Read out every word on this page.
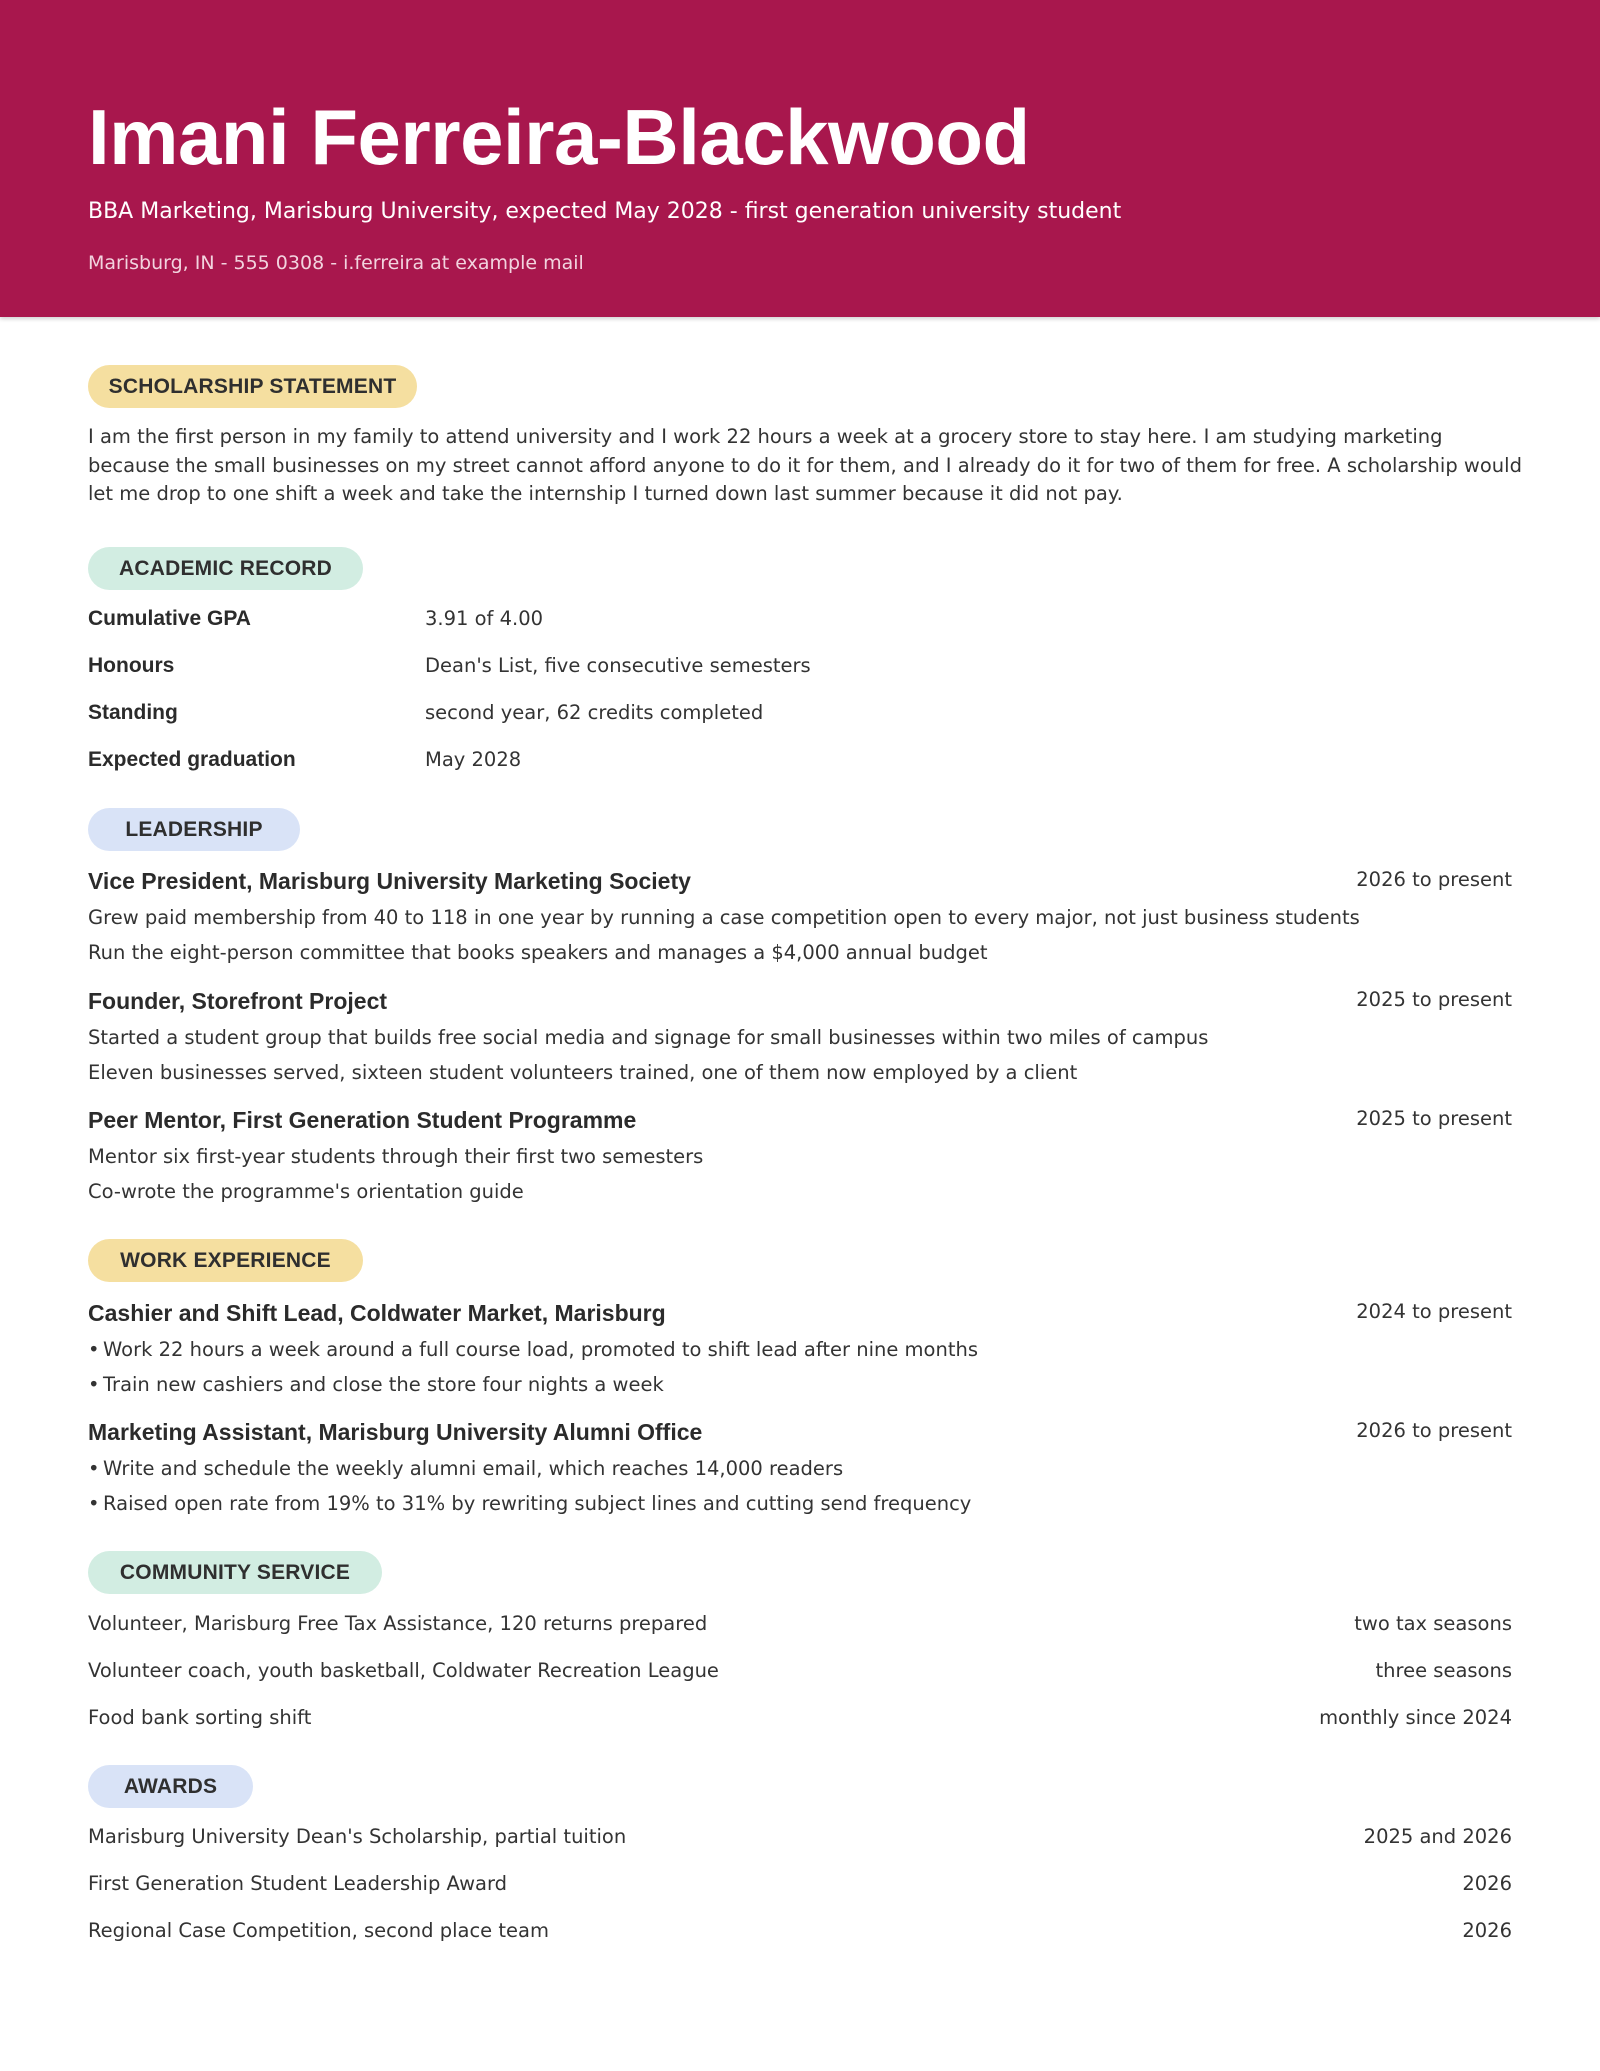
Imani Ferreira-Blackwood
BBA Marketing, Marisburg University, expected May 2028 - first generation university student
Marisburg, IN - 555 0308 - i.ferreira at example mail
SCHOLARSHIP STATEMENT
I am the first person in my family to attend university and I work 22 hours a week at a grocery store to stay here. I am studying marketing because the small businesses on my street cannot afford anyone to do it for them, and I already do it for two of them for free. A scholarship would let me drop to one shift a week and take the internship I turned down last summer because it did not pay.
ACADEMIC RECORD
Cumulative GPA	3.91 of 4.00
Honours	Dean's List, five consecutive semesters
Standing	second year, 62 credits completed
Expected graduation	May 2028
LEADERSHIP
Vice President, Marisburg University Marketing Society	2026 to present
Grew paid membership from 40 to 118 in one year by running a case competition open to every major, not just business students
Run the eight-person committee that books speakers and manages a $4,000 annual budget
Founder, Storefront Project	2025 to present
Started a student group that builds free social media and signage for small businesses within two miles of campus
Eleven businesses served, sixteen student volunteers trained, one of them now employed by a client
Peer Mentor, First Generation Student Programme	2025 to present
Mentor six first-year students through their first two semesters
Co-wrote the programme's orientation guide
WORK EXPERIENCE
Cashier and Shift Lead, Coldwater Market, Marisburg	2024 to present
• Work 22 hours a week around a full course load, promoted to shift lead after nine months
• Train new cashiers and close the store four nights a week
Marketing Assistant, Marisburg University Alumni Office	2026 to present
• Write and schedule the weekly alumni email, which reaches 14,000 readers
• Raised open rate from 19% to 31% by rewriting subject lines and cutting send frequency
COMMUNITY SERVICE
Volunteer, Marisburg Free Tax Assistance, 120 returns prepared	two tax seasons
Volunteer coach, youth basketball, Coldwater Recreation League	three seasons
Food bank sorting shift	monthly since 2024
AWARDS
Marisburg University Dean's Scholarship, partial tuition	2025 and 2026
First Generation Student Leadership Award	2026
Regional Case Competition, second place team	2026
